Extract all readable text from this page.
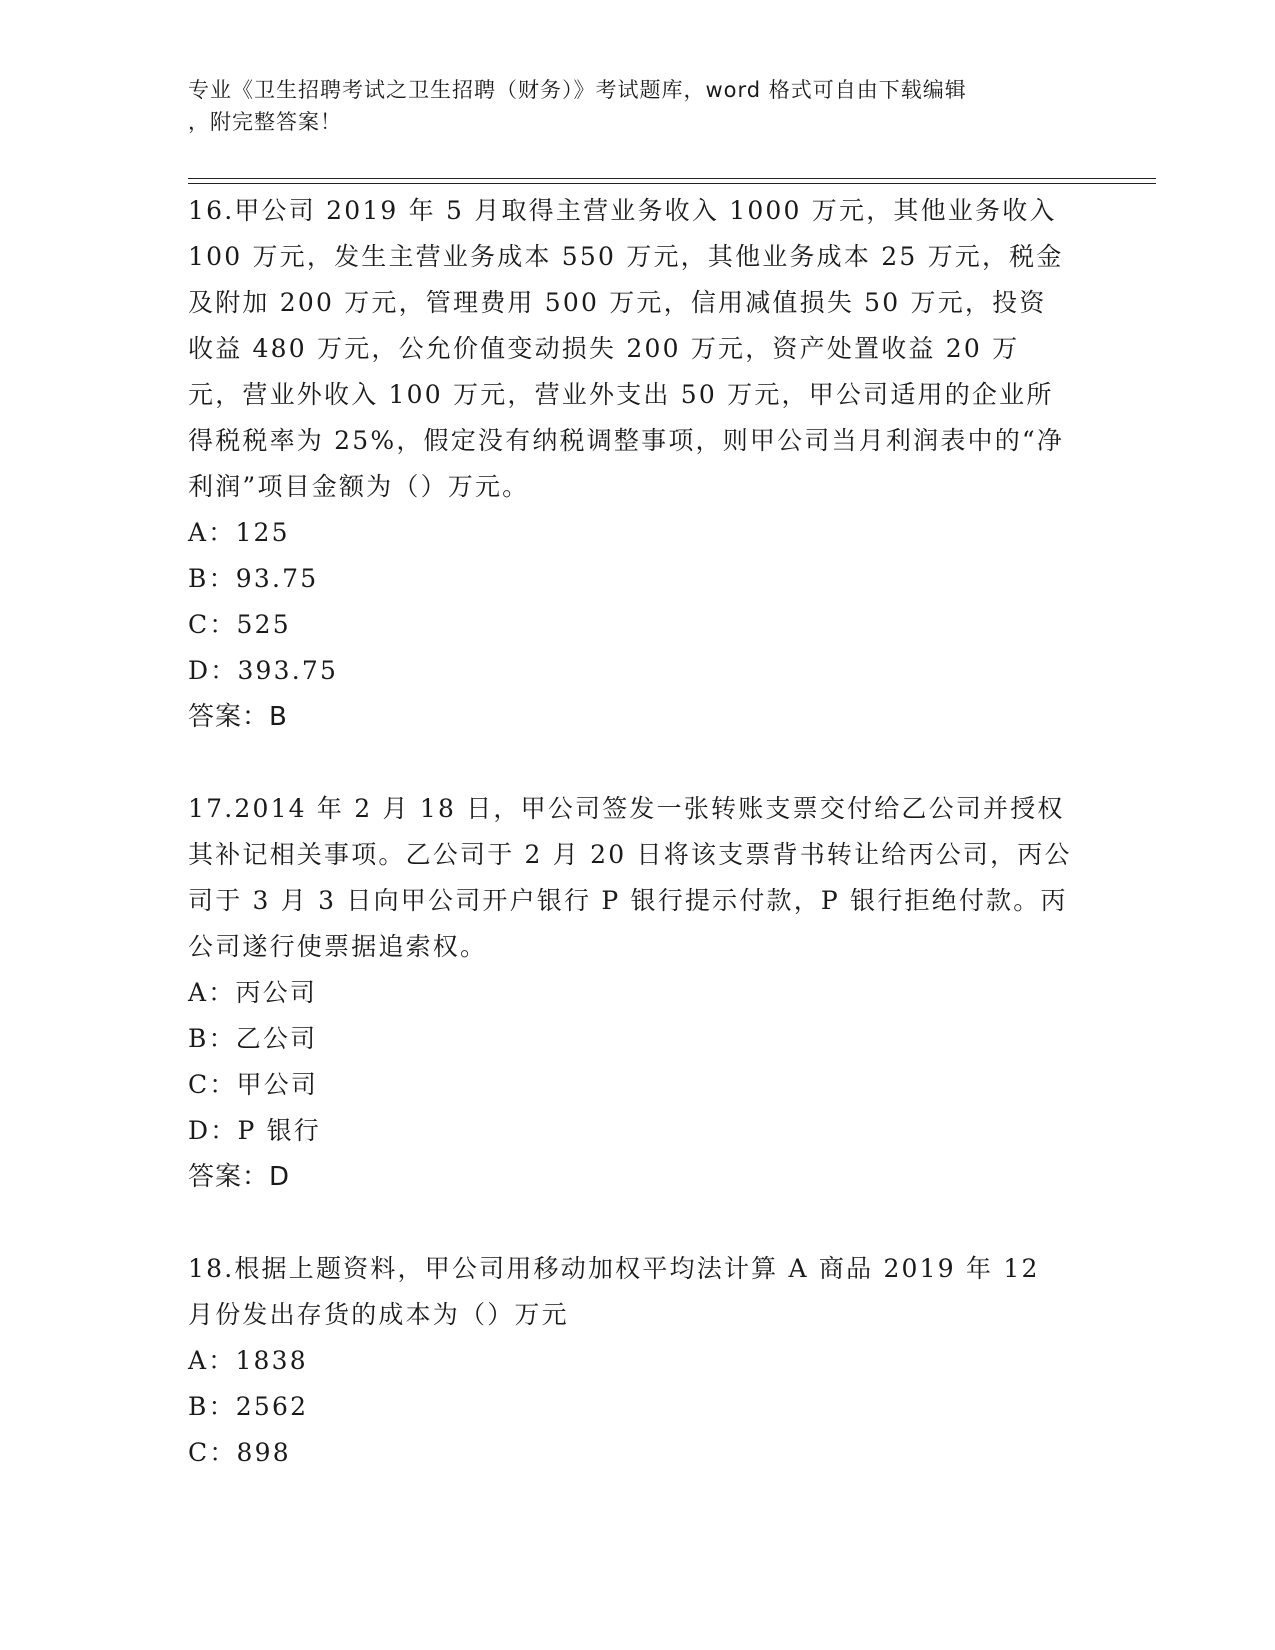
专业《卫生招聘考试之卫生招聘（财务）》考试题库，word 格式可自由下载编辑
，附完整答案！

16.甲公司 2019 年 5 月取得主营业务收入 1000 万元，其他业务收入 100 万元，发生主营业务成本 550 万元，其他业务成本 25 万元，税金及附加 200 万元，管理费用 500 万元，信用减值损失 50 万元，投资收益 480 万元，公允价值变动损失 200 万元，资产处置收益 20 万元，营业外收入 100 万元，营业外支出 50 万元，甲公司适用的企业所得税税率为 25%，假定没有纳税调整事项，则甲公司当月利润表中的“净利润”项目金额为（）万元。

A：125
B：93.75
C：525
D：393.75

答案：B

17.2014 年 2 月 18 日，甲公司签发一张转账支票交付给乙公司并授权其补记相关事项。乙公司于 2 月 20 日将该支票背书转让给丙公司，丙公司于 3 月 3 日向甲公司开户银行 P 银行提示付款，P 银行拒绝付款。丙公司遂行使票据追索权。

A：丙公司
B：乙公司
C：甲公司
D：P 银行

答案：D

18.根据上题资料，甲公司用移动加权平均法计算 A 商品 2019 年 12 月份发出存货的成本为（）万元

A：1838
B：2562
C：898
